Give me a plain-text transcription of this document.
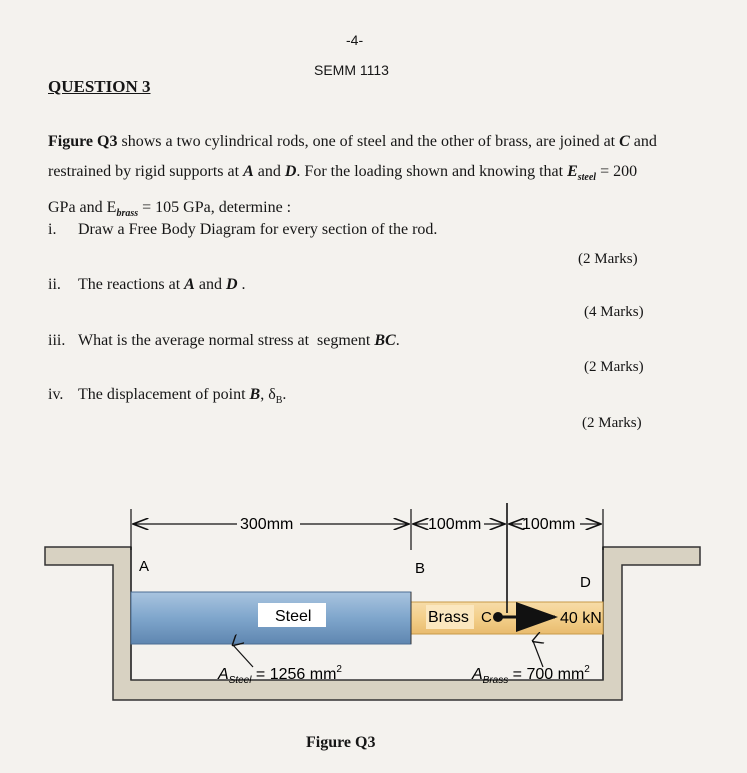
-4-
SEMM 1113
QUESTION 3
Figure Q3 shows a two cylindrical rods, one of steel and the other of brass, are joined at C and
restrained by rigid supports at A and D. For the loading shown and knowing that $E_{steel} = 200$
GPa and $E_{brass} = 105$ GPa, determine :
i. Draw a Free Body Diagram for every section of the rod.
(2 Marks)
ii. The reactions at A and D .
(4 Marks)
iii. What is the average normal stress at  segment BC.
(2 Marks)
iv. The displacement of point B, $\delta_B$.
(2 Marks)
300mm	100mm	100mm
A	B
C
D
Steel	Brass	40 kN
$A_{Steel} = 1256$ $mm^2$	$A_{Brass} = 700$ $mm^2$
Figure Q3
